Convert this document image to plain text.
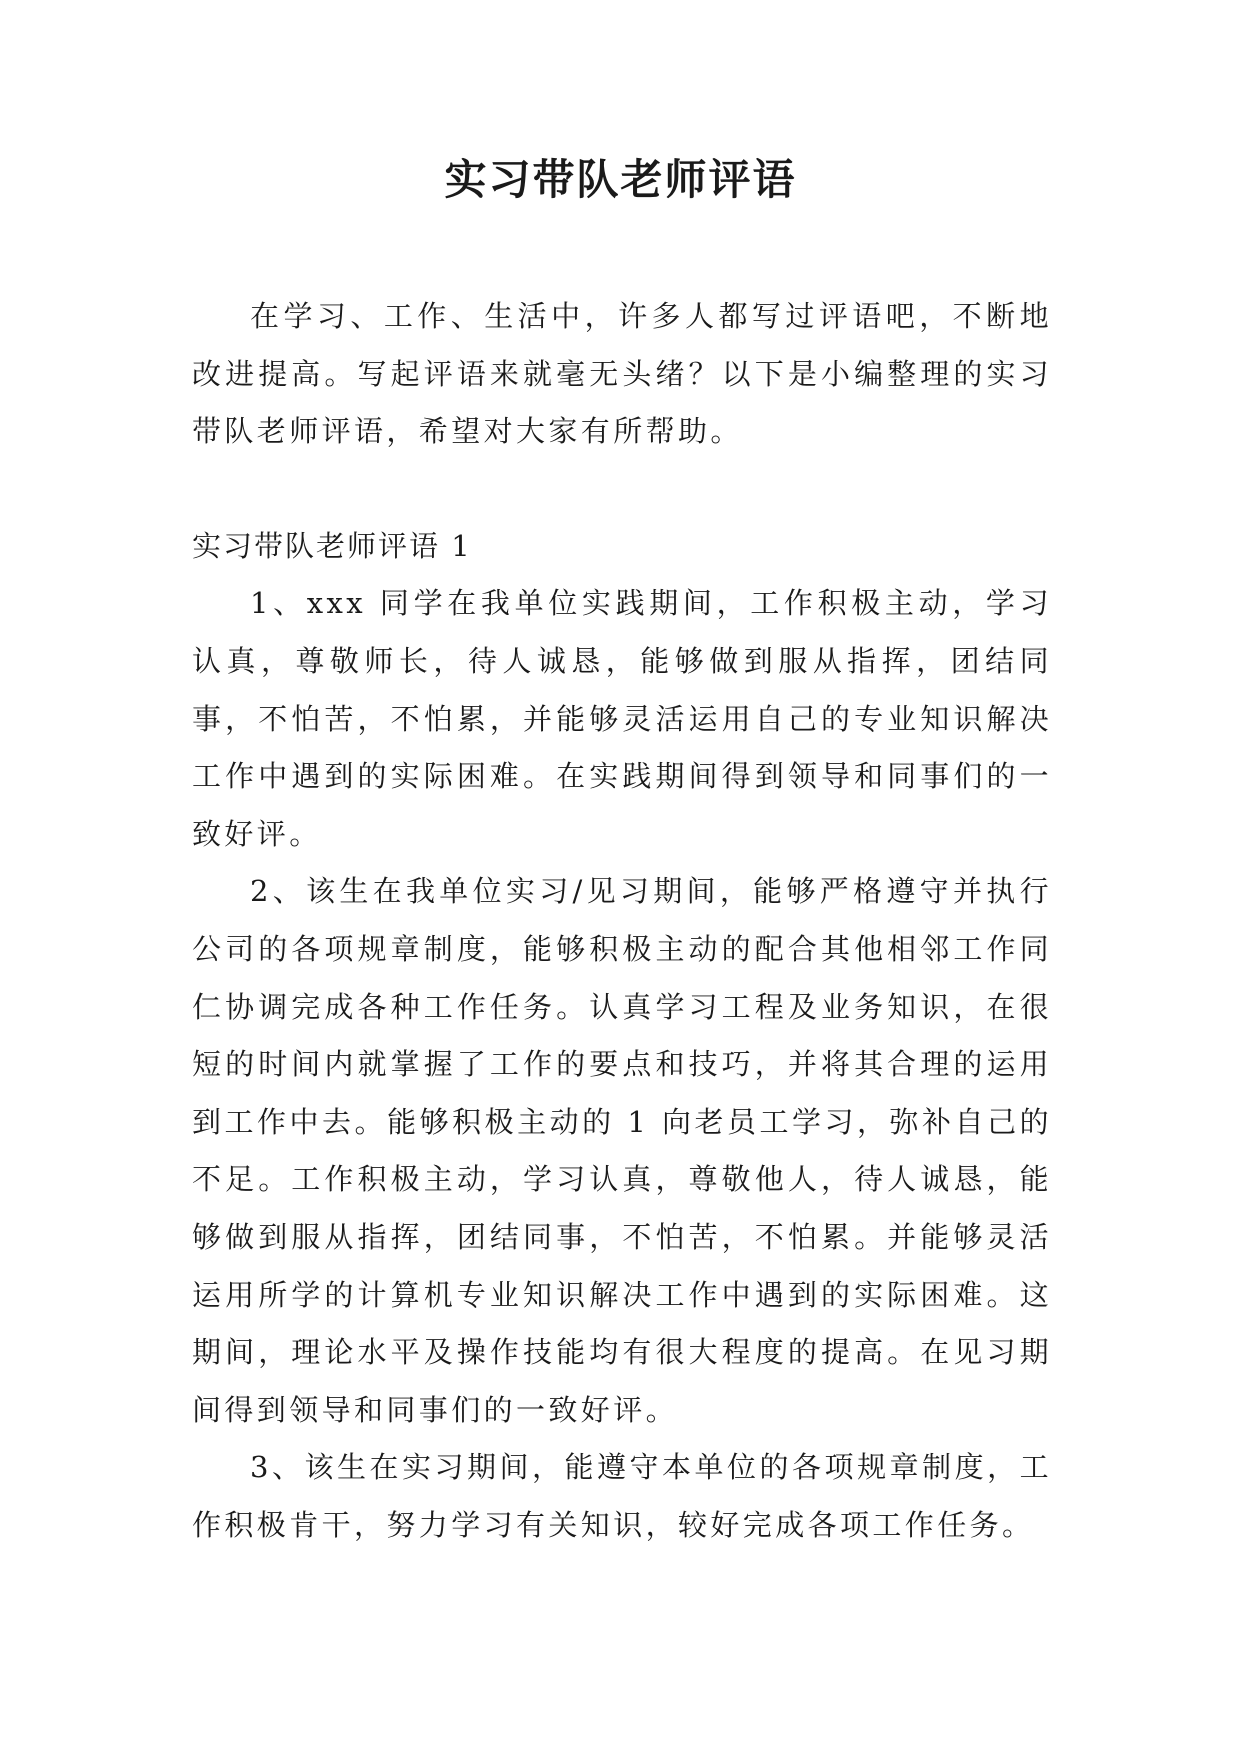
实习带队老师评语

在学习、工作、生活中，许多人都写过评语吧，不断地改进提高。写起评语来就毫无头绪？以下是小编整理的实习带队老师评语，希望对大家有所帮助。

实习带队老师评语 1

1、xxx 同学在我单位实践期间，工作积极主动，学习认真，尊敬师长，待人诚恳，能够做到服从指挥，团结同事，不怕苦，不怕累，并能够灵活运用自己的专业知识解决工作中遇到的实际困难。在实践期间得到领导和同事们的一致好评。

2、该生在我单位实习/见习期间，能够严格遵守并执行公司的各项规章制度，能够积极主动的配合其他相邻工作同仁协调完成各种工作任务。认真学习工程及业务知识，在很短的时间内就掌握了工作的要点和技巧，并将其合理的运用到工作中去。能够积极主动的 1 向老员工学习，弥补自己的不足。工作积极主动，学习认真，尊敬他人，待人诚恳，能够做到服从指挥，团结同事，不怕苦，不怕累。并能够灵活运用所学的计算机专业知识解决工作中遇到的实际困难。这期间，理论水平及操作技能均有很大程度的提高。在见习期间得到领导和同事们的一致好评。

3、该生在实习期间，能遵守本单位的各项规章制度，工作积极肯干，努力学习有关知识，较好完成各项工作任务。
